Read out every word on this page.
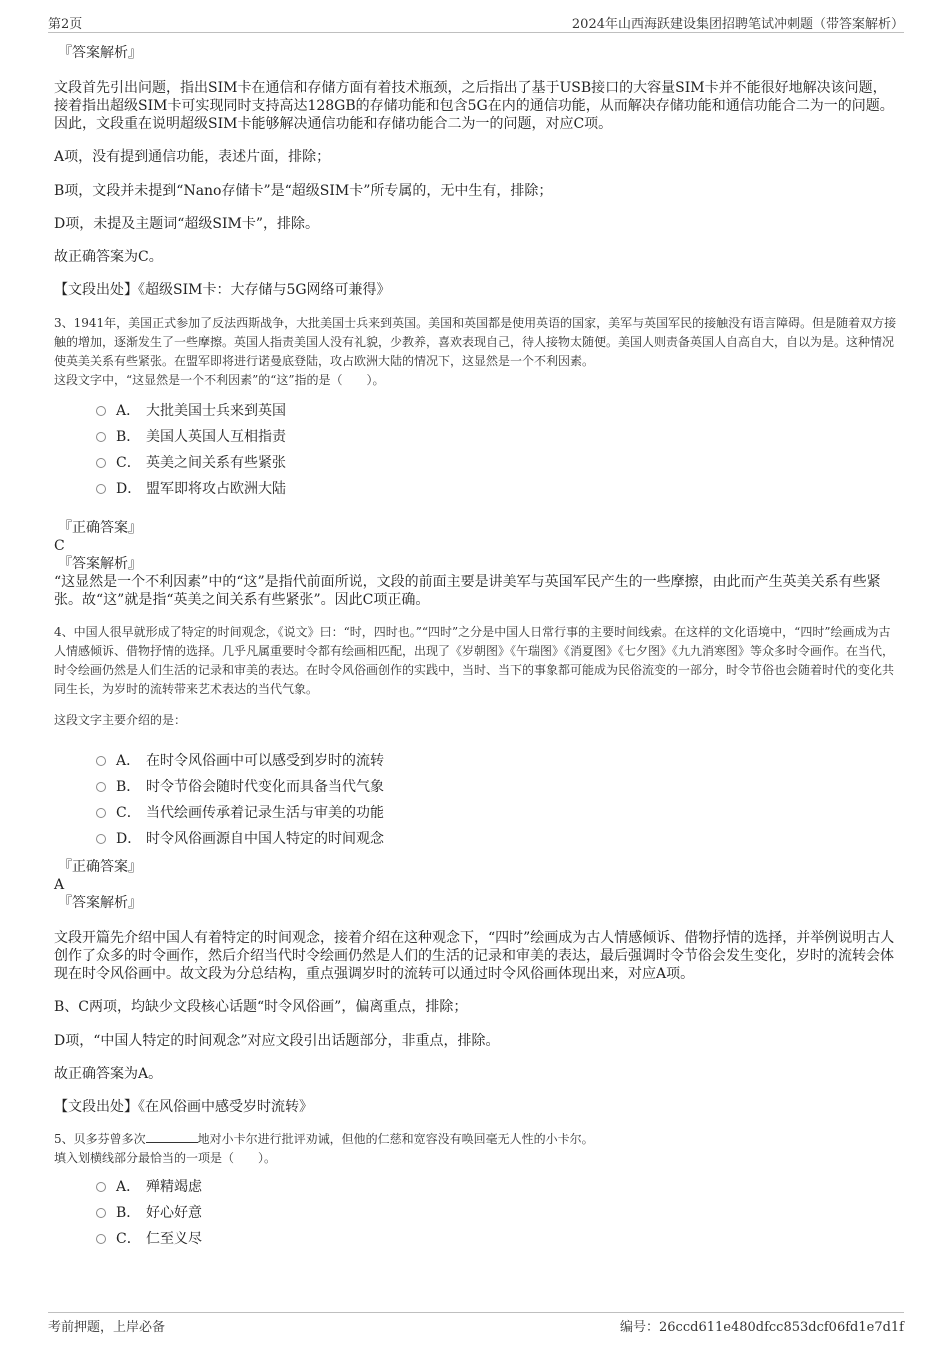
第2页	2024年山西海跃建设集团招聘笔试冲刺题（带答案解析）

『答案解析』

文段首先引出问题，指出SIM卡在通信和存储方面有着技术瓶颈，之后指出了基于USB接口的大容量SIM卡并不能很好地解决该问题，接着指出超级SIM卡可实现同时支持高达128GB的存储功能和包含5G在内的通信功能，从而解决存储功能和通信功能合二为一的问题。因此，文段重在说明超级SIM卡能够解决通信功能和存储功能合二为一的问题，对应C项。

A项，没有提到通信功能，表述片面，排除；

B项，文段并未提到“Nano存储卡”是“超级SIM卡”所专属的，无中生有，排除；

D项，未提及主题词“超级SIM卡”，排除。

故正确答案为C。

【文段出处】《超级SIM卡：大存储与5G网络可兼得》

3、1941年，美国正式参加了反法西斯战争，大批美国士兵来到英国。美国和英国都是使用英语的国家，美军与英国军民的接触没有语言障碍。但是随着双方接触的增加，逐渐发生了一些摩擦。英国人指责美国人没有礼貌，少教养，喜欢表现自己，待人接物太随便。美国人则责备英国人自高自大，自以为是。这种情况使英美关系有些紧张。在盟军即将进行诺曼底登陆，攻占欧洲大陆的情况下，这显然是一个不利因素。

这段文字中，“这显然是一个不利因素”的“这”指的是（　　）。

A． 大批美国士兵来到英国
B． 美国人英国人互相指责
C． 英美之间关系有些紧张
D． 盟军即将攻占欧洲大陆

『正确答案』

C

『答案解析』

“这显然是一个不利因素”中的“这”是指代前面所说，文段的前面主要是讲美军与英国军民产生的一些摩擦，由此而产生英美关系有些紧张。故“这”就是指“英美之间关系有些紧张”。因此C项正确。

4、中国人很早就形成了特定的时间观念，《说文》曰：“时，四时也。”“四时”之分是中国人日常行事的主要时间线索。在这样的文化语境中，“四时”绘画成为古人情感倾诉、借物抒情的选择。几乎凡属重要时令都有绘画相匹配，出现了《岁朝图》《午瑞图》《消夏图》《七夕图》《九九消寒图》等众多时令画作。在当代，时令绘画仍然是人们生活的记录和审美的表达。在时令风俗画创作的实践中，当时、当下的事象都可能成为民俗流变的一部分，时令节俗也会随着时代的变化共同生长，为岁时的流转带来艺术表达的当代气象。

这段文字主要介绍的是：

A． 在时令风俗画中可以感受到岁时的流转
B． 时令节俗会随时代变化而具备当代气象
C． 当代绘画传承着记录生活与审美的功能
D． 时令风俗画源自中国人特定的时间观念

『正确答案』

A

『答案解析』

文段开篇先介绍中国人有着特定的时间观念，接着介绍在这种观念下，“四时”绘画成为古人情感倾诉、借物抒情的选择，并举例说明古人创作了众多的时令画作，然后介绍当代时令绘画仍然是人们的生活的记录和审美的表达，最后强调时令节俗会发生变化，岁时的流转会体现在时令风俗画中。故文段为分总结构，重点强调岁时的流转可以通过时令风俗画体现出来，对应A项。

B、C两项，均缺少文段核心话题“时令风俗画”，偏离重点，排除；

D项，“中国人特定的时间观念”对应文段引出话题部分，非重点，排除。

故正确答案为A。

【文段出处】《在风俗画中感受岁时流转》

5、贝多芬曾多次	地对小卡尔进行批评劝诫，但他的仁慈和宽容没有唤回毫无人性的小卡尔。

填入划横线部分最恰当的一项是（　　）。

A． 殚精竭虑
B． 好心好意
C． 仁至义尽
考前押题，上岸必备	编号：26ccd611e480dfcc853dcf06fd1e7d1f
